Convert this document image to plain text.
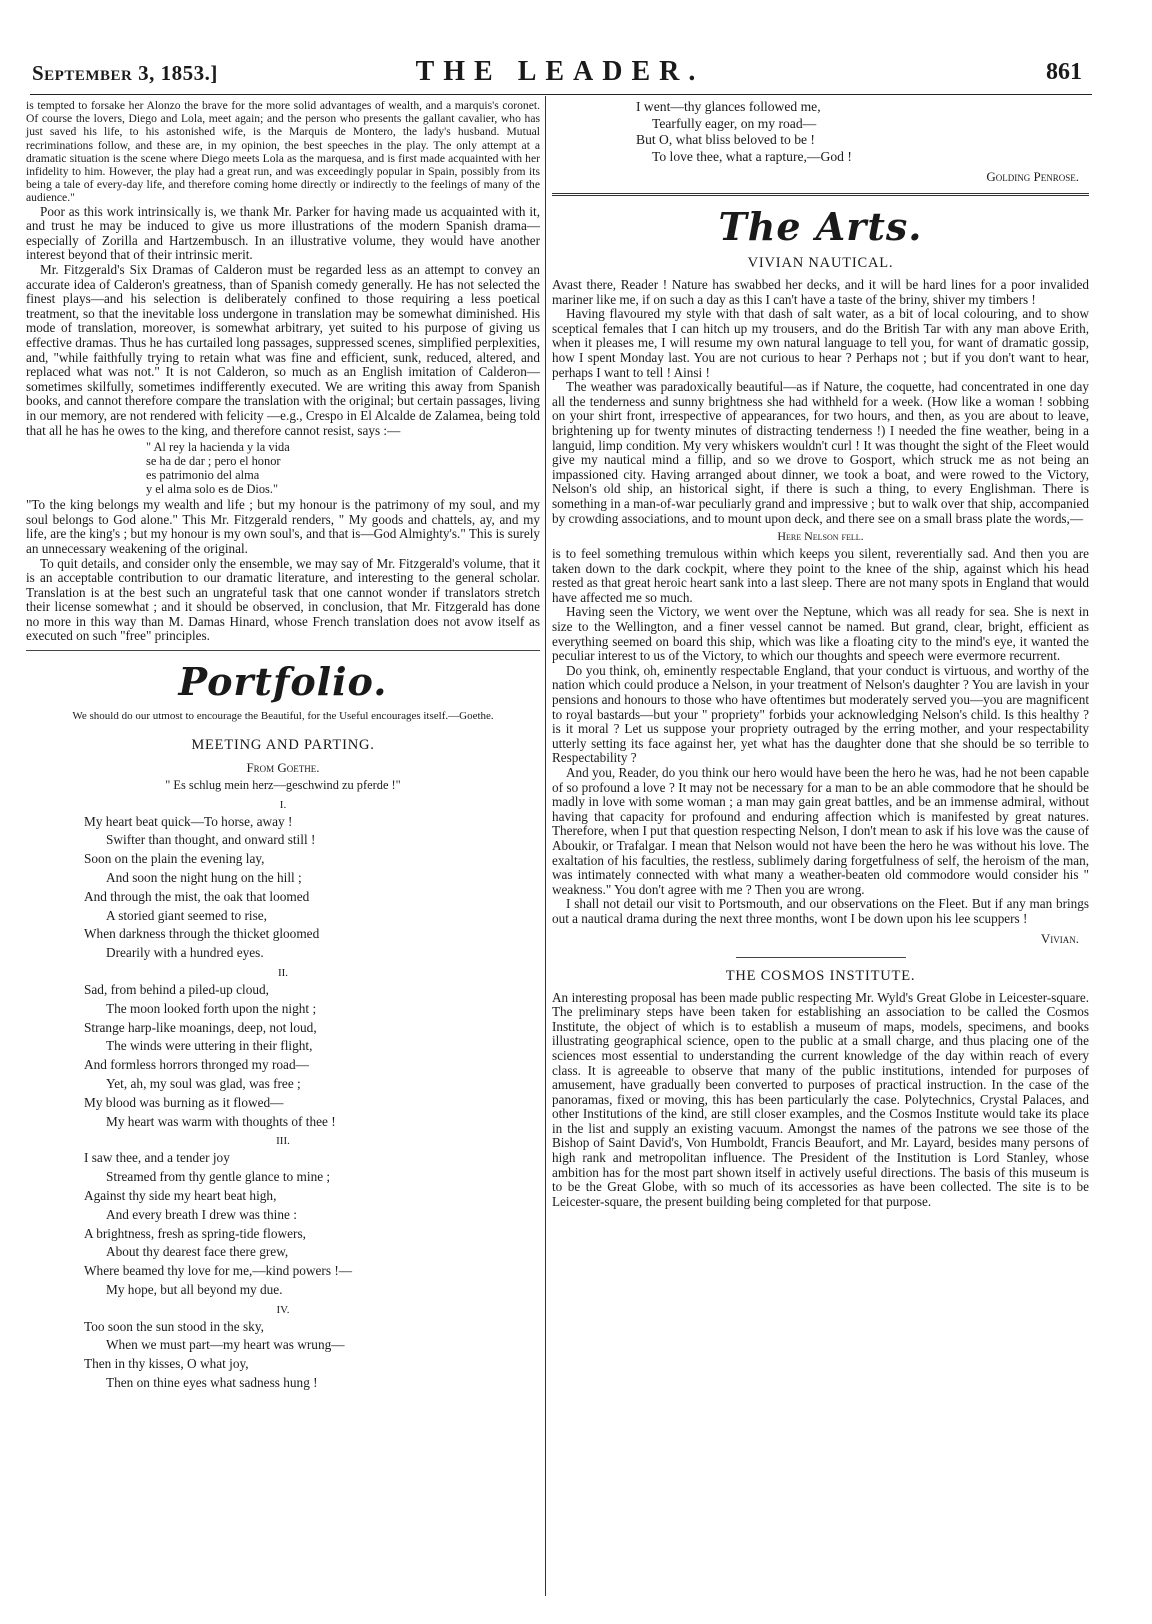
September 3, 1853.]	THE LEADER.	861

is tempted to forsake her Alonzo the brave for the more solid advantages of wealth, and a marquis's coronet. Of course the lovers, Diego and Lola, meet again; and the person who presents the gallant cavalier, who has just saved his life, to his astonished wife, is the Marquis de Montero, the lady's husband. Mutual recriminations follow, and these are, in my opinion, the best speeches in the play. The only attempt at a dramatic situation is the scene where Diego meets Lola as the marquesa, and is first made acquainted with her infidelity to him. However, the play had a great run, and was exceedingly popular in Spain, possibly from its being a tale of every-day life, and therefore coming home directly or indirectly to the feelings of many of the audience."

Poor as this work intrinsically is, we thank Mr. Parker for having made us acquainted with it, and trust he may be induced to give us more illustrations of the modern Spanish drama—especially of Zorilla and Hartzembusch. In an illustrative volume, they would have another interest beyond that of their intrinsic merit.

Mr. Fitzgerald's Six Dramas of Calderon must be regarded less as an attempt to convey an accurate idea of Calderon's greatness, than of Spanish comedy generally. He has not selected the finest plays—and his selection is deliberately confined to those requiring a less poetical treatment, so that the inevitable loss undergone in translation may be somewhat diminished. His mode of translation, moreover, is somewhat arbitrary, yet suited to his purpose of giving us effective dramas. Thus he has curtailed long passages, suppressed scenes, simplified perplexities, and, "while faithfully trying to retain what was fine and efficient, sunk, reduced, altered, and replaced what was not." It is not Calderon, so much as an English imitation of Calderon—sometimes skilfully, sometimes indifferently executed. We are writing this away from Spanish books, and cannot therefore compare the translation with the original; but certain passages, living in our memory, are not rendered with felicity —e.g., Crespo in El Alcalde de Zalamea, being told that all he has he owes to the king, and therefore cannot resist, says :—

" Al rey la hacienda y la vida
se ha de dar ; pero el honor
es patrimonio del alma
y el alma solo es de Dios."

"To the king belongs my wealth and life ; but my honour is the patrimony of my soul, and my soul belongs to God alone." This Mr. Fitzgerald renders, " My goods and chattels, ay, and my life, are the king's ; but my honour is my own soul's, and that is—God Almighty's." This is surely an unnecessary weakening of the original.

To quit details, and consider only the ensemble, we may say of Mr. Fitzgerald's volume, that it is an acceptable contribution to our dramatic literature, and interesting to the general scholar. Translation is at the best such an ungrateful task that one cannot wonder if translators stretch their license somewhat ; and it should be observed, in conclusion, that Mr. Fitzgerald has done no more in this way than M. Damas Hinard, whose French translation does not avow itself as executed on such "free" principles.

Portfolio.
We should do our utmost to encourage the Beautiful, for the Useful encourages itself.—Goethe.
MEETING AND PARTING.
From Goethe.
" Es schlug mein herz—geschwind zu pferde !"
I.
My heart beat quick—To horse, away !
Swifter than thought, and onward still !
Soon on the plain the evening lay,
And soon the night hung on the hill ;
And through the mist, the oak that loomed
A storied giant seemed to rise,
When darkness through the thicket gloomed
Drearily with a hundred eyes.
II.
Sad, from behind a piled-up cloud,
The moon looked forth upon the night ;
Strange harp-like moanings, deep, not loud,
The winds were uttering in their flight,
And formless horrors thronged my road—
Yet, ah, my soul was glad, was free ;
My blood was burning as it flowed—
My heart was warm with thoughts of thee !
III.
I saw thee, and a tender joy
Streamed from thy gentle glance to mine ;
Against thy side my heart beat high,
And every breath I drew was thine :
A brightness, fresh as spring-tide flowers,
About thy dearest face there grew,
Where beamed thy love for me,—kind powers !—
My hope, but all beyond my due.
IV.
Too soon the sun stood in the sky,
When we must part—my heart was wrung—
Then in thy kisses, O what joy,
Then on thine eyes what sadness hung !
I went—thy glances followed me,
Tearfully eager, on my road—
But O, what bliss beloved to be !
To love thee, what a rapture,—God !
Golding Penrose.
The Arts.
VIVIAN NAUTICAL.

Avast there, Reader ! Nature has swabbed her decks, and it will be hard lines for a poor invalided mariner like me, if on such a day as this I can't have a taste of the briny, shiver my timbers !

Having flavoured my style with that dash of salt water, as a bit of local colouring, and to show sceptical females that I can hitch up my trousers, and do the British Tar with any man above Erith, when it pleases me, I will resume my own natural language to tell you, for want of dramatic gossip, how I spent Monday last. You are not curious to hear ? Perhaps not ; but if you don't want to hear, perhaps I want to tell ! Ainsi !

The weather was paradoxically beautiful—as if Nature, the coquette, had concentrated in one day all the tenderness and sunny brightness she had withheld for a week. (How like a woman ! sobbing on your shirt front, irrespective of appearances, for two hours, and then, as you are about to leave, brightening up for twenty minutes of distracting tenderness !) I needed the fine weather, being in a languid, limp condition. My very whiskers wouldn't curl ! It was thought the sight of the Fleet would give my nautical mind a fillip, and so we drove to Gosport, which struck me as not being an impassioned city. Having arranged about dinner, we took a boat, and were rowed to the Victory, Nelson's old ship, an historical sight, if there is such a thing, to every Englishman. There is something in a man-of-war peculiarly grand and impressive ; but to walk over that ship, accompanied by crowding associations, and to mount upon deck, and there see on a small brass plate the words,—

Here Nelson fell.

is to feel something tremulous within which keeps you silent, reverentially sad. And then you are taken down to the dark cockpit, where they point to the knee of the ship, against which his head rested as that great heroic heart sank into a last sleep. There are not many spots in England that would have affected me so much.

Having seen the Victory, we went over the Neptune, which was all ready for sea. She is next in size to the Wellington, and a finer vessel cannot be named. But grand, clear, bright, efficient as everything seemed on board this ship, which was like a floating city to the mind's eye, it wanted the peculiar interest to us of the Victory, to which our thoughts and speech were evermore recurrent.

Do you think, oh, eminently respectable England, that your conduct is virtuous, and worthy of the nation which could produce a Nelson, in your treatment of Nelson's daughter ? You are lavish in your pensions and honours to those who have oftentimes but moderately served you—you are magnificent to royal bastards—but your " propriety" forbids your acknowledging Nelson's child. Is this healthy ? is it moral ? Let us suppose your propriety outraged by the erring mother, and your respectability utterly setting its face against her, yet what has the daughter done that she should be so terrible to Respectability ?

And you, Reader, do you think our hero would have been the hero he was, had he not been capable of so profound a love ? It may not be necessary for a man to be an able commodore that he should be madly in love with some woman ; a man may gain great battles, and be an immense admiral, without having that capacity for profound and enduring affection which is manifested by great natures. Therefore, when I put that question respecting Nelson, I don't mean to ask if his love was the cause of Aboukir, or Trafalgar. I mean that Nelson would not have been the hero he was without his love. The exaltation of his faculties, the restless, sublimely daring forgetfulness of self, the heroism of the man, was intimately connected with what many a weather-beaten old commodore would consider his " weakness." You don't agree with me ? Then you are wrong.

I shall not detail our visit to Portsmouth, and our observations on the Fleet. But if any man brings out a nautical drama during the next three months, wont I be down upon his lee scuppers !

Vivian.
THE COSMOS INSTITUTE.

An interesting proposal has been made public respecting Mr. Wyld's Great Globe in Leicester-square. The preliminary steps have been taken for establishing an association to be called the Cosmos Institute, the object of which is to establish a museum of maps, models, specimens, and books illustrating geographical science, open to the public at a small charge, and thus placing one of the sciences most essential to understanding the current knowledge of the day within reach of every class. It is agreeable to observe that many of the public institutions, intended for purposes of amusement, have gradually been converted to purposes of practical instruction. In the case of the panoramas, fixed or moving, this has been particularly the case. Polytechnics, Crystal Palaces, and other Institutions of the kind, are still closer examples, and the Cosmos Institute would take its place in the list and supply an existing vacuum. Amongst the names of the patrons we see those of the Bishop of Saint David's, Von Humboldt, Francis Beaufort, and Mr. Layard, besides many persons of high rank and metropolitan influence. The President of the Institution is Lord Stanley, whose ambition has for the most part shown itself in actively useful directions. The basis of this museum is to be the Great Globe, with so much of its accessories as have been collected. The site is to be Leicester-square, the present building being completed for that purpose.
